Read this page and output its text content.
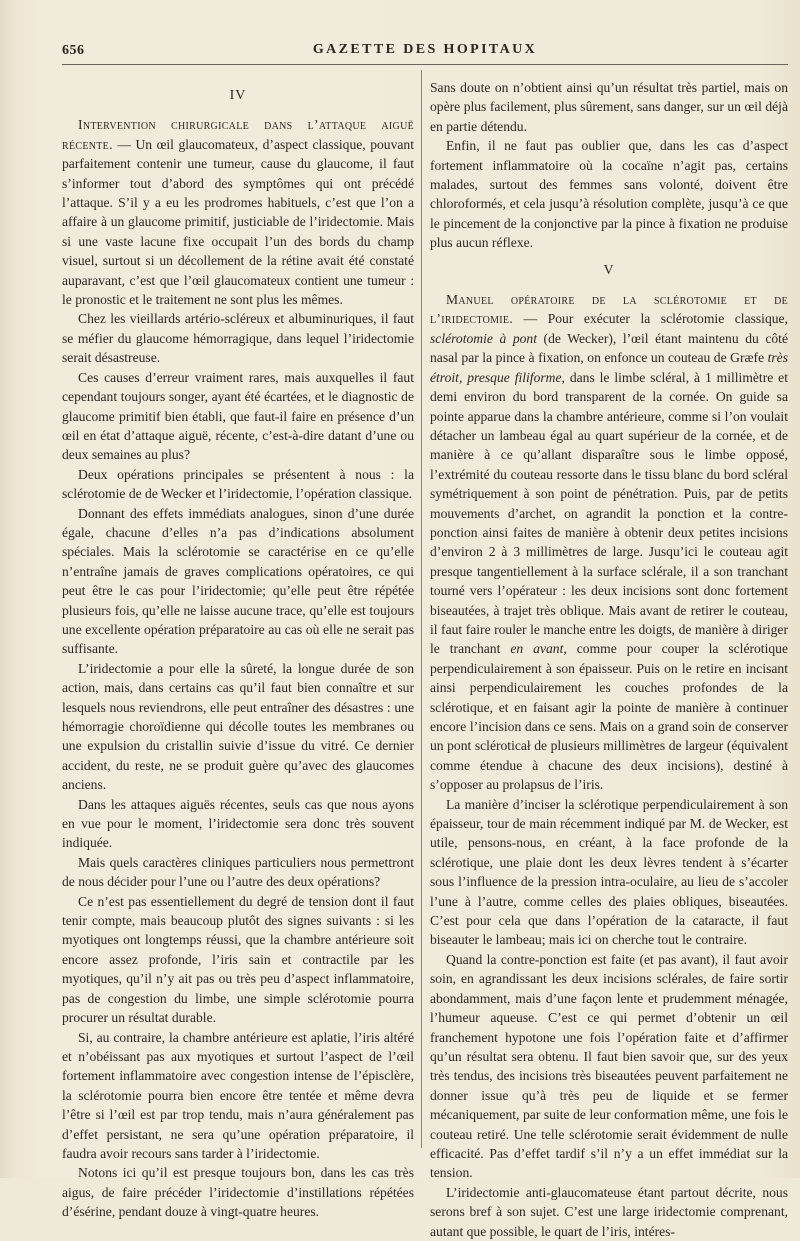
656	GAZETTE DES HOPITAUX
IV

Intervention chirurgicale dans l’attaque aiguë récente. — Un œil glaucomateux, d’aspect classique, pouvant parfaitement contenir une tumeur, cause du glaucome, il faut s’informer tout d’abord des symptômes qui ont précédé l’attaque. S’il y a eu les prodromes habituels, c’est que l’on a affaire à un glaucome primitif, justiciable de l’iridectomie. Mais si une vaste lacune fixe occupait l’un des bords du champ visuel, surtout si un décollement de la rétine avait été constaté auparavant, c’est que l’œil glaucomateux contient une tumeur : le pronostic et le traitement ne sont plus les mêmes.

Chez les vieillards artério-scléreux et albuminuriques, il faut se méfier du glaucome hémorragique, dans lequel l’iridectomie serait désastreuse.

Ces causes d’erreur vraiment rares, mais auxquelles il faut cependant toujours songer, ayant été écartées, et le diagnostic de glaucome primitif bien établi, que faut-il faire en présence d’un œil en état d’attaque aiguë, récente, c’est-à-dire datant d’une ou deux semaines au plus?

Deux opérations principales se présentent à nous : la sclérotomie de de Wecker et l’iridectomie, l’opération classique.

Donnant des effets immédiats analogues, sinon d’une durée égale, chacune d’elles n’a pas d’indications absolument spéciales. Mais la sclérotomie se caractérise en ce qu’elle n’entraîne jamais de graves complications opératoires, ce qui peut être le cas pour l’iridectomie; qu’elle peut être répétée plusieurs fois, qu’elle ne laisse aucune trace, qu’elle est toujours une excellente opération préparatoire au cas où elle ne serait pas suffisante.

L’iridectomie a pour elle la sûreté, la longue durée de son action, mais, dans certains cas qu’il faut bien connaître et sur lesquels nous reviendrons, elle peut entraîner des désastres : une hémorragie choroïdienne qui décolle toutes les membranes ou une expulsion du cristallin suivie d’issue du vitré. Ce dernier accident, du reste, ne se produit guère qu’avec des glaucomes anciens.

Dans les attaques aiguës récentes, seuls cas que nous ayons en vue pour le moment, l’iridectomie sera donc très souvent indiquée.

Mais quels caractères cliniques particuliers nous permettront de nous décider pour l’une ou l’autre des deux opérations?

Ce n’est pas essentiellement du degré de tension dont il faut tenir compte, mais beaucoup plutôt des signes suivants : si les myotiques ont longtemps réussi, que la chambre antérieure soit encore assez profonde, l’iris sain et contractile par les myotiques, qu’il n’y ait pas ou très peu d’aspect inflammatoire, pas de congestion du limbe, une simple sclérotomie pourra procurer un résultat durable.

Si, au contraire, la chambre antérieure est aplatie, l’iris altéré et n’obéissant pas aux myotiques et surtout l’aspect de l’œil fortement inflammatoire avec congestion intense de l’épisclère, la sclérotomie pourra bien encore être tentée et même devra l’être si l’œil est par trop tendu, mais n’aura généralement pas d’effet persistant, ne sera qu’une opération préparatoire, il faudra avoir recours sans tarder à l’iridectomie.

Notons ici qu’il est presque toujours bon, dans les cas très aigus, de faire précéder l’iridectomie d’instillations répétées d’ésérine, pendant douze à vingt-quatre heures.

Sans doute on n’obtient ainsi qu’un résultat très partiel, mais on opère plus facilement, plus sûrement, sans danger, sur un œil déjà en partie détendu.

Enfin, il ne faut pas oublier que, dans les cas d’aspect fortement inflammatoire où la cocaïne n’agit pas, certains malades, surtout des femmes sans volonté, doivent être chloroformés, et cela jusqu’à résolution complète, jusqu’à ce que le pincement de la conjonctive par la pince à fixation ne produise plus aucun réflexe.

V

Manuel opératoire de la sclérotomie et de l’iridectomie. — Pour exécuter la sclérotomie classique, sclérotomie à pont (de Wecker), l’œil étant maintenu du côté nasal par la pince à fixation, on enfonce un couteau de Græfe très étroit, presque filiforme, dans le limbe scléral, à 1 millimètre et demi environ du bord transparent de la cornée. On guide sa pointe apparue dans la chambre antérieure, comme si l’on voulait détacher un lambeau égal au quart supérieur de la cornée, et de manière à ce qu’allant disparaître sous le limbe opposé, l’extrémité du couteau ressorte dans le tissu blanc du bord scléral symétriquement à son point de pénétration. Puis, par de petits mouvements d’archet, on agrandit la ponction et la contre-ponction ainsi faites de manière à obtenir deux petites incisions d’environ 2 à 3 millimètres de large. Jusqu’ici le couteau agit presque tangentiellement à la surface sclérale, il a son tranchant tourné vers l’opérateur : les deux incisions sont donc fortement biseautées, à trajet très oblique. Mais avant de retirer le couteau, il faut faire rouler le manche entre les doigts, de manière à diriger le tranchant en avant, comme pour couper la sclérotique perpendiculairement à son épaisseur. Puis on le retire en incisant ainsi perpendiculairement les couches profondes de la sclérotique, et en faisant agir la pointe de manière à continuer encore l’incision dans ce sens. Mais on a grand soin de conserver un pont scléroticał de plusieurs millimètres de largeur (équivalent comme étendue à chacune des deux incisions), destiné à s’opposer au prolapsus de l’iris.

La manière d’inciser la sclérotique perpendiculairement à son épaisseur, tour de main récemment indiqué par M. de Wecker, est utile, pensons-nous, en créant, à la face profonde de la sclérotique, une plaie dont les deux lèvres tendent à s’écarter sous l’influence de la pression intra-oculaire, au lieu de s’accoler l’une à l’autre, comme celles des plaies obliques, biseautées. C’est pour cela que dans l’opération de la cataracte, il faut biseauter le lambeau; mais ici on cherche tout le contraire.

Quand la contre-ponction est faite (et pas avant), il faut avoir soin, en agrandissant les deux incisions sclérales, de faire sortir abondamment, mais d’une façon lente et prudemment ménagée, l’humeur aqueuse. C’est ce qui permet d’obtenir un œil franchement hypotone une fois l’opération faite et d’affirmer qu’un résultat sera obtenu. Il faut bien savoir que, sur des yeux très tendus, des incisions très biseautées peuvent parfaitement ne donner issue qu’à très peu de liquide et se fermer mécaniquement, par suite de leur conformation même, une fois le couteau retiré. Une telle sclérotomie serait évidemment de nulle efficacité. Pas d’effet tardif s’il n’y a un effet immédiat sur la tension.

L’iridectomie anti-glaucomateuse étant partout décrite, nous serons bref à son sujet. C’est une large iridectomie comprenant, autant que possible, le quart de l’iris, intéres-
